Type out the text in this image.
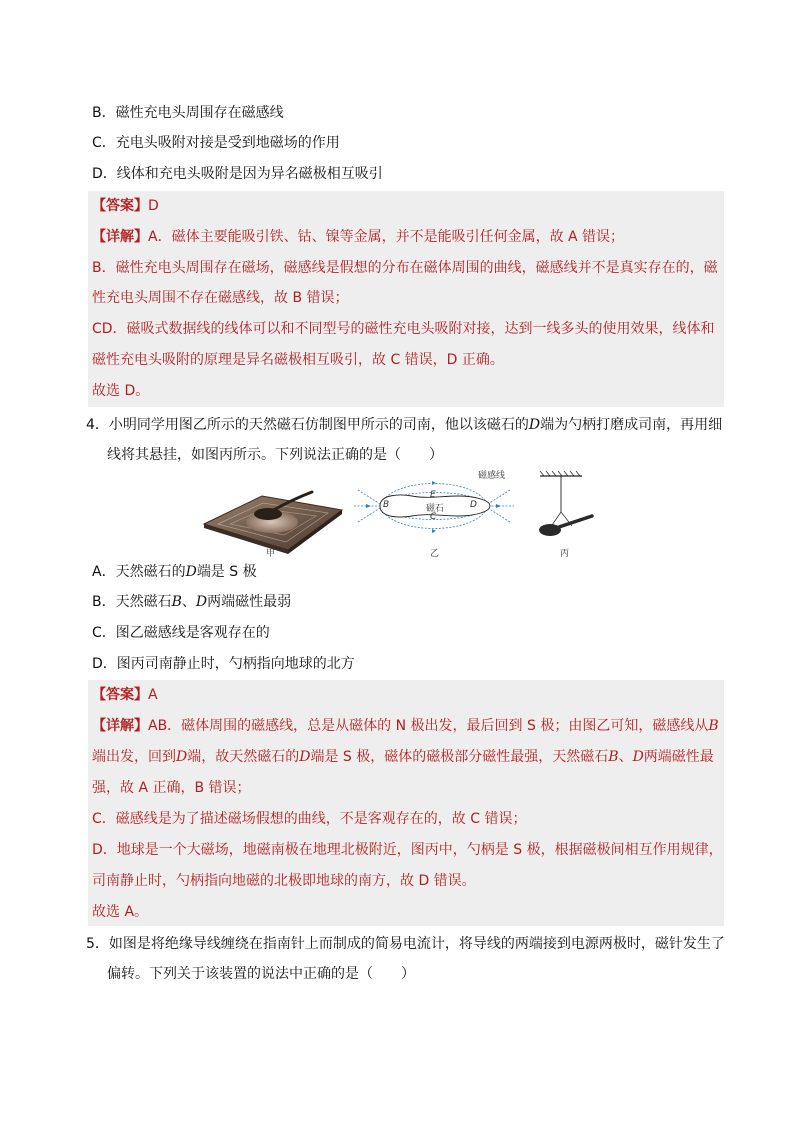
B．磁性充电头周围存在磁感线
C．充电头吸附对接是受到地磁场的作用
D．线体和充电头吸附是因为异名磁极相互吸引
【答案】D
【详解】A．磁体主要能吸引铁、钴、镍等金属，并不是能吸引任何金属，故 A 错误；
B．磁性充电头周围存在磁场，磁感线是假想的分布在磁体周围的曲线，磁感线并不是真实存在的，磁
性充电头周围不存在磁感线，故 B 错误；
CD．磁吸式数据线的线体可以和不同型号的磁性充电头吸附对接，达到一线多头的使用效果，线体和
磁性充电头吸附的原理是异名磁极相互吸引，故 C 错误，D 正确。
故选 D。
4．小明同学用图乙所示的天然磁石仿制图甲所示的司南，他以该磁石的D端为勺柄打磨成司南，再用细
线将其悬挂，如图丙所示。下列说法正确的是（　　）
甲
磁感线
磁石
B	D
E
C
乙	丙
A．天然磁石的D端是 S 极
B．天然磁石B、D两端磁性最弱
C．图乙磁感线是客观存在的
D．图丙司南静止时，勺柄指向地球的北方
【答案】A
【详解】AB．磁体周围的磁感线，总是从磁体的 N 极出发，最后回到 S 极；由图乙可知，磁感线从B
端出发，回到D端，故天然磁石的D端是 S 极，磁体的磁极部分磁性最强，天然磁石B、D两端磁性最
强，故 A 正确，B 错误；
C．磁感线是为了描述磁场假想的曲线，不是客观存在的，故 C 错误；
D．地球是一个大磁场，地磁南极在地理北极附近，图丙中，勺柄是 S 极，根据磁极间相互作用规律，
司南静止时，勺柄指向地磁的北极即地球的南方，故 D 错误。
故选 A。
5．如图是将绝缘导线缠绕在指南针上而制成的简易电流计，将导线的两端接到电源两极时，磁针发生了
偏转。下列关于该装置的说法中正确的是（　　）
